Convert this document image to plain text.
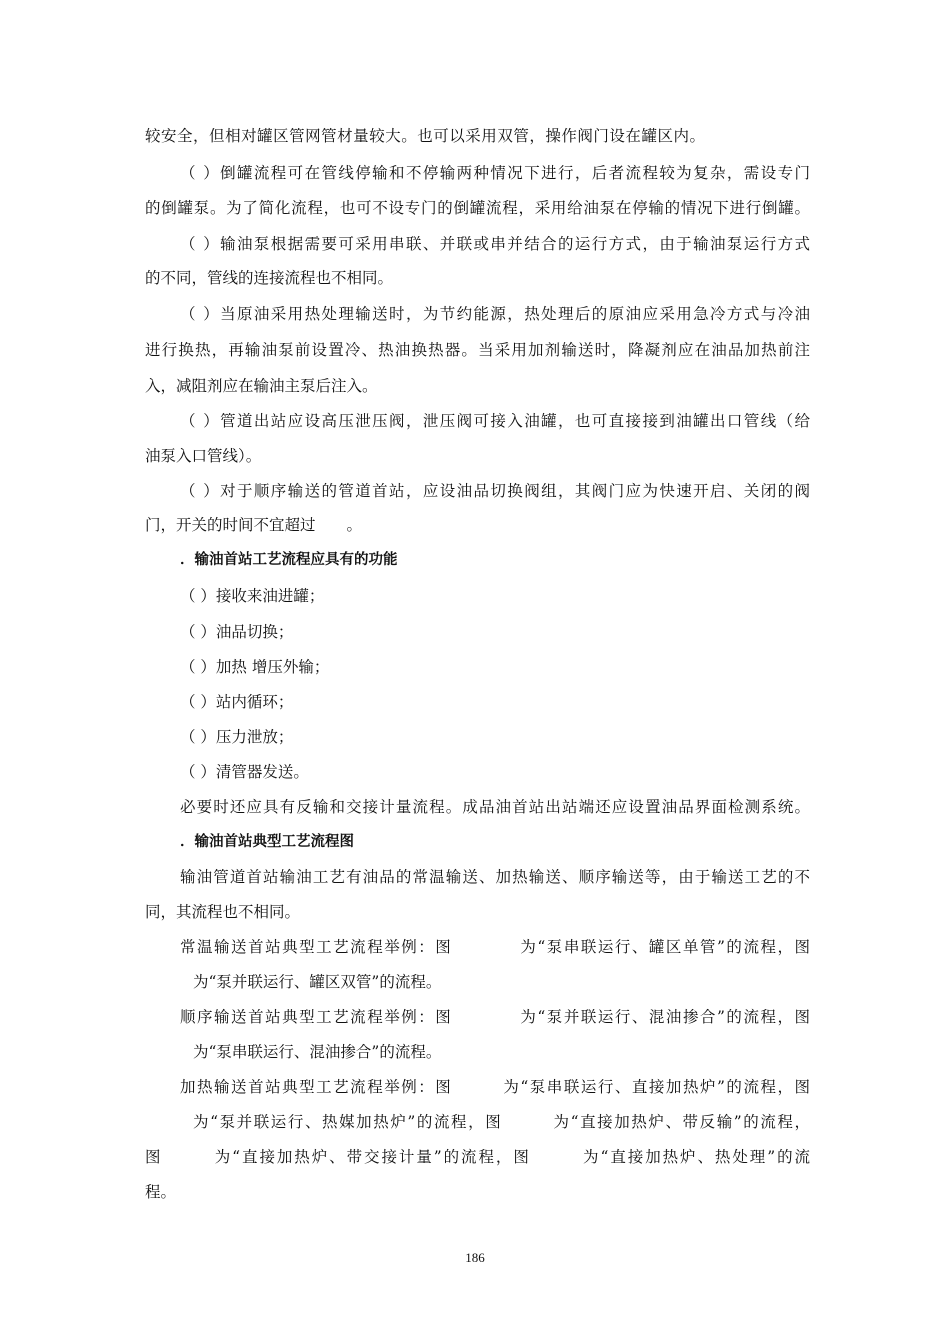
较安全，但相对罐区管网管材量较大。也可以采用双管，操作阀门设在罐区内。
（ ）倒罐流程可在管线停输和不停输两种情况下进行，后者流程较为复杂，需设专门
的倒罐泵。为了简化流程，也可不设专门的倒罐流程，采用给油泵在停输的情况下进行倒罐。
（ ）输油泵根据需要可采用串联、并联或串并结合的运行方式，由于输油泵运行方式
的不同，管线的连接流程也不相同。
（ ）当原油采用热处理输送时，为节约能源，热处理后的原油应采用急冷方式与冷油
进行换热，再输油泵前设置冷、热油换热器。当采用加剂输送时，降凝剂应在油品加热前注
入，减阻剂应在输油主泵后注入。
（ ）管道出站应设高压泄压阀，泄压阀可接入油罐，也可直接接到油罐出口管线（给
油泵入口管线）。
（ ）对于顺序输送的管道首站，应设油品切换阀组，其阀门应为快速开启、关闭的阀
门，开关的时间不宜超过　　。
．输油首站工艺流程应具有的功能
（ ）接收来油进罐；
（ ）油品切换；
（ ）加热 增压外输；
（ ）站内循环；
（ ）压力泄放；
（ ）清管器发送。
必要时还应具有反输和交接计量流程。成品油首站出站端还应设置油品界面检测系统。
．输油首站典型工艺流程图
输油管道首站输油工艺有油品的常温输送、加热输送、顺序输送等，由于输送工艺的不
同，其流程也不相同。
常温输送首站典型工艺流程举例：图　　　　为“泵串联运行、罐区单管”的流程，图
为“泵并联运行、罐区双管”的流程。
顺序输送首站典型工艺流程举例：图　　　　为“泵并联运行、混油掺合”的流程，图
为“泵串联运行、混油掺合”的流程。
加热输送首站典型工艺流程举例：图　　　为“泵串联运行、直接加热炉”的流程，图
为“泵并联运行、热媒加热炉”的流程，图　　　为“直接加热炉、带反输”的流程，
图　　　为“直接加热炉、带交接计量”的流程，图　　　为“直接加热炉、热处理”的流
程。
186
